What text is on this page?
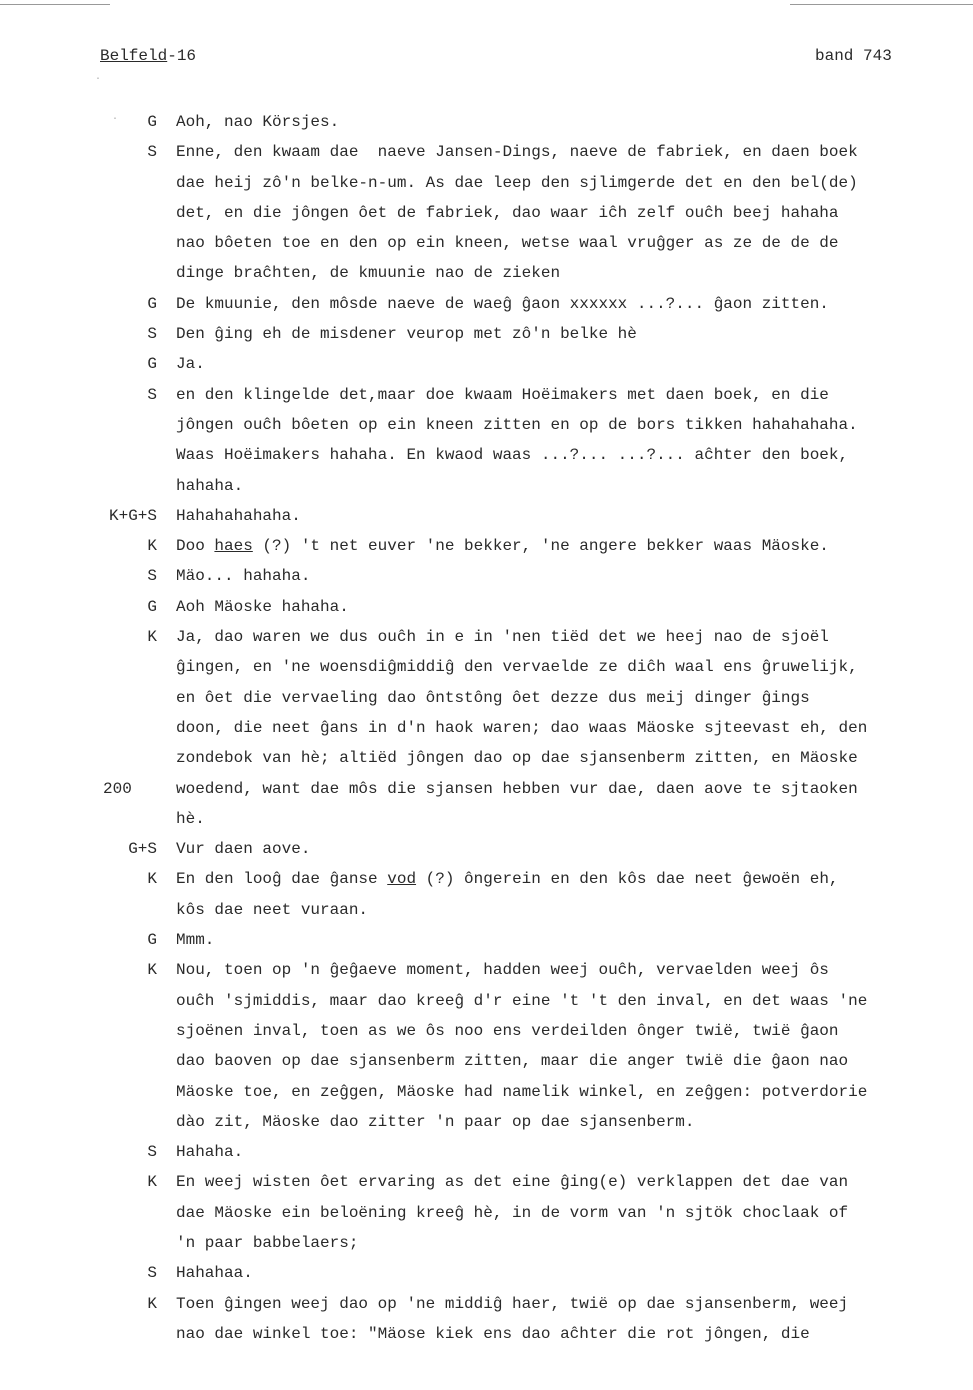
Belfeld-16	band 743
.
. G Aoh, nao Körsjes.
S Enne, den kwaam dae  naeve Jansen-Dings, naeve de fabriek, en daen boek
dae heij zô'n belke-n-um. As dae leep den sjlimgerde det en den bel(de)
det, en die jôngen ôet de fabriek, dao waar iĉh zelf ouĉh beej hahaha
nao bôeten toe en den op ein kneen, wetse waal vruĝger as ze de de de
dinge braĉhten, de kmuunie nao de zieken
G De kmuunie, den môsde naeve de waeĝ ĝaon xxxxxx ...?... ĝaon zitten.
S Den ĝing eh de misdener veurop met zô'n belke hè
G Ja.
S en den klingelde det,maar doe kwaam Hoëimakers met daen boek, en die
jôngen ouĉh bôeten op ein kneen zitten en op de bors tikken hahahahaha.
Waas Hoëimakers hahaha. En kwaod waas ...?... ...?... aĉhter den boek,
hahaha.
K+G+S Hahahahahaha.
K Doo haes (?) 't net euver 'ne bekker, 'ne angere bekker waas Mäoske.
S Mäo... hahaha.
G Aoh Mäoske hahaha.
K Ja, dao waren we dus ouĉh in e in 'nen tiëd det we heej nao de sjoël
ĝingen, en 'ne woensdiĝmiddiĝ den vervaelde ze diĉh waal ens ĝruwelijk,
en ôet die vervaeling dao ôntstông ôet dezze dus meij dinger ĝings
doon, die neet ĝans in d'n haok waren; dao waas Mäoske sjteevast eh, den
zondebok van hè; altiëd jôngen dao op dae sjansenberm zitten, en Mäoske
200	woedend, want dae môs die sjansen hebben vur dae, daen aove te sjtaoken
hè.
G+S Vur daen aove.
K En den looĝ dae ĝanse vod (?) ôngerein en den kôs dae neet ĝewoën eh,
kôs dae neet vuraan.
G Mmm.
K Nou, toen op 'n ĝeĝaeve moment, hadden weej ouĉh, vervaelden weej ôs
ouĉh 'sjmiddis, maar dao kreeĝ d'r eine 't 't den inval, en det waas 'ne
sjoënen inval, toen as we ôs noo ens verdeilden ônger twië, twië ĝaon
dao baoven op dae sjansenberm zitten, maar die anger twië die ĝaon nao
Mäoske toe, en zeĝgen, Mäoske had namelik winkel, en zeĝgen: potverdorie
dào zit, Mäoske dao zitter 'n paar op dae sjansenberm.
S Hahaha.
K En weej wisten ôet ervaring as det eine ĝing(e) verklappen det dae van
dae Mäoske ein beloëning kreeĝ hè, in de vorm van 'n sjtök choclaak of
'n paar babbelaers;
S Hahahaa.
K Toen ĝingen weej dao op 'ne middiĝ haer, twië op dae sjansenberm, weej
nao dae winkel toe: "Mäose kiek ens dao aĉhter die rot jôngen, die
